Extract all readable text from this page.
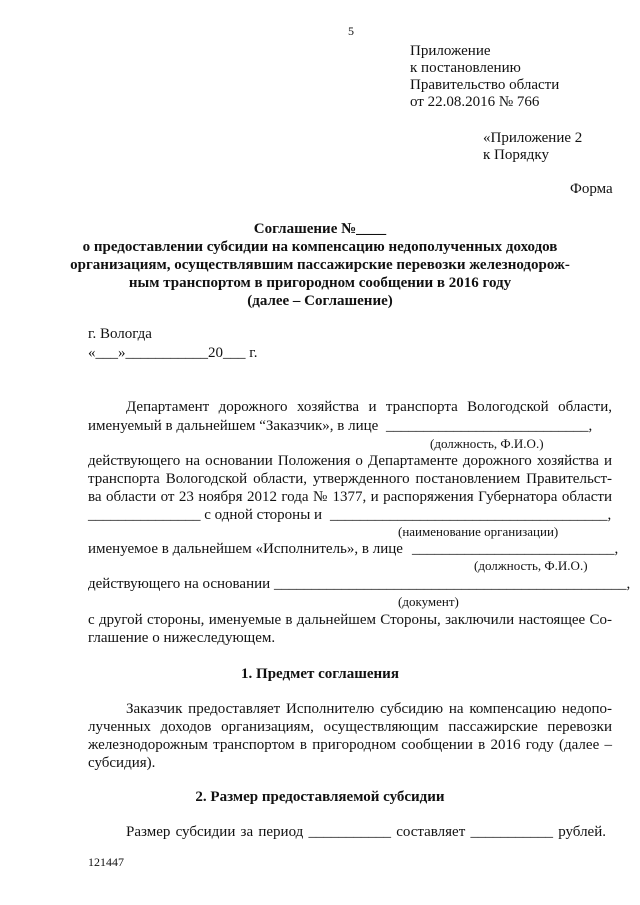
5
Приложение
к постановлению
Правительство области
от 22.08.2016 № 766
«Приложение 2
к Порядку
Форма
Соглашение №____
о предоставлении субсидии на компенсацию недополученных доходов
организациям, осуществлявшим пассажирские перевозки железнодорож-
ным транспортом в пригородном сообщении в 2016 году
(далее – Соглашение)
г. Вологда
«___»___________20___ г.
Департамент дорожного хозяйства и транспорта Вологодской области,
именуемый в дальнейшем “Заказчик», в лице ___________________________,
(должность, Ф.И.О.)
действующего на основании Положения о Департаменте дорожного хозяйства и
транспорта Вологодской области, утвержденного постановлением Правительст-
ва области от 23 ноября 2012 года № 1377, и распоряжения Губернатора области
_______________ с одной стороны и _____________________________________,
(наименование организации)
именуемое в дальнейшем «Исполнитель», в лице ___________________________,
(должность, Ф.И.О.)
действующего на основании _______________________________________________,
(документ)
с другой стороны, именуемые в дальнейшем Стороны, заключили настоящее Со-
глашение о нижеследующем.
1. Предмет соглашения
Заказчик предоставляет Исполнителю субсидию на компенсацию недопо-
лученных доходов организациям, осуществляющим пассажирские перевозки
железнодорожным транспортом в пригородном сообщении в 2016 году (далее –
субсидия).
2. Размер предоставляемой субсидии
Размер субсидии за период ___________ составляет ___________ рублей.
121447
